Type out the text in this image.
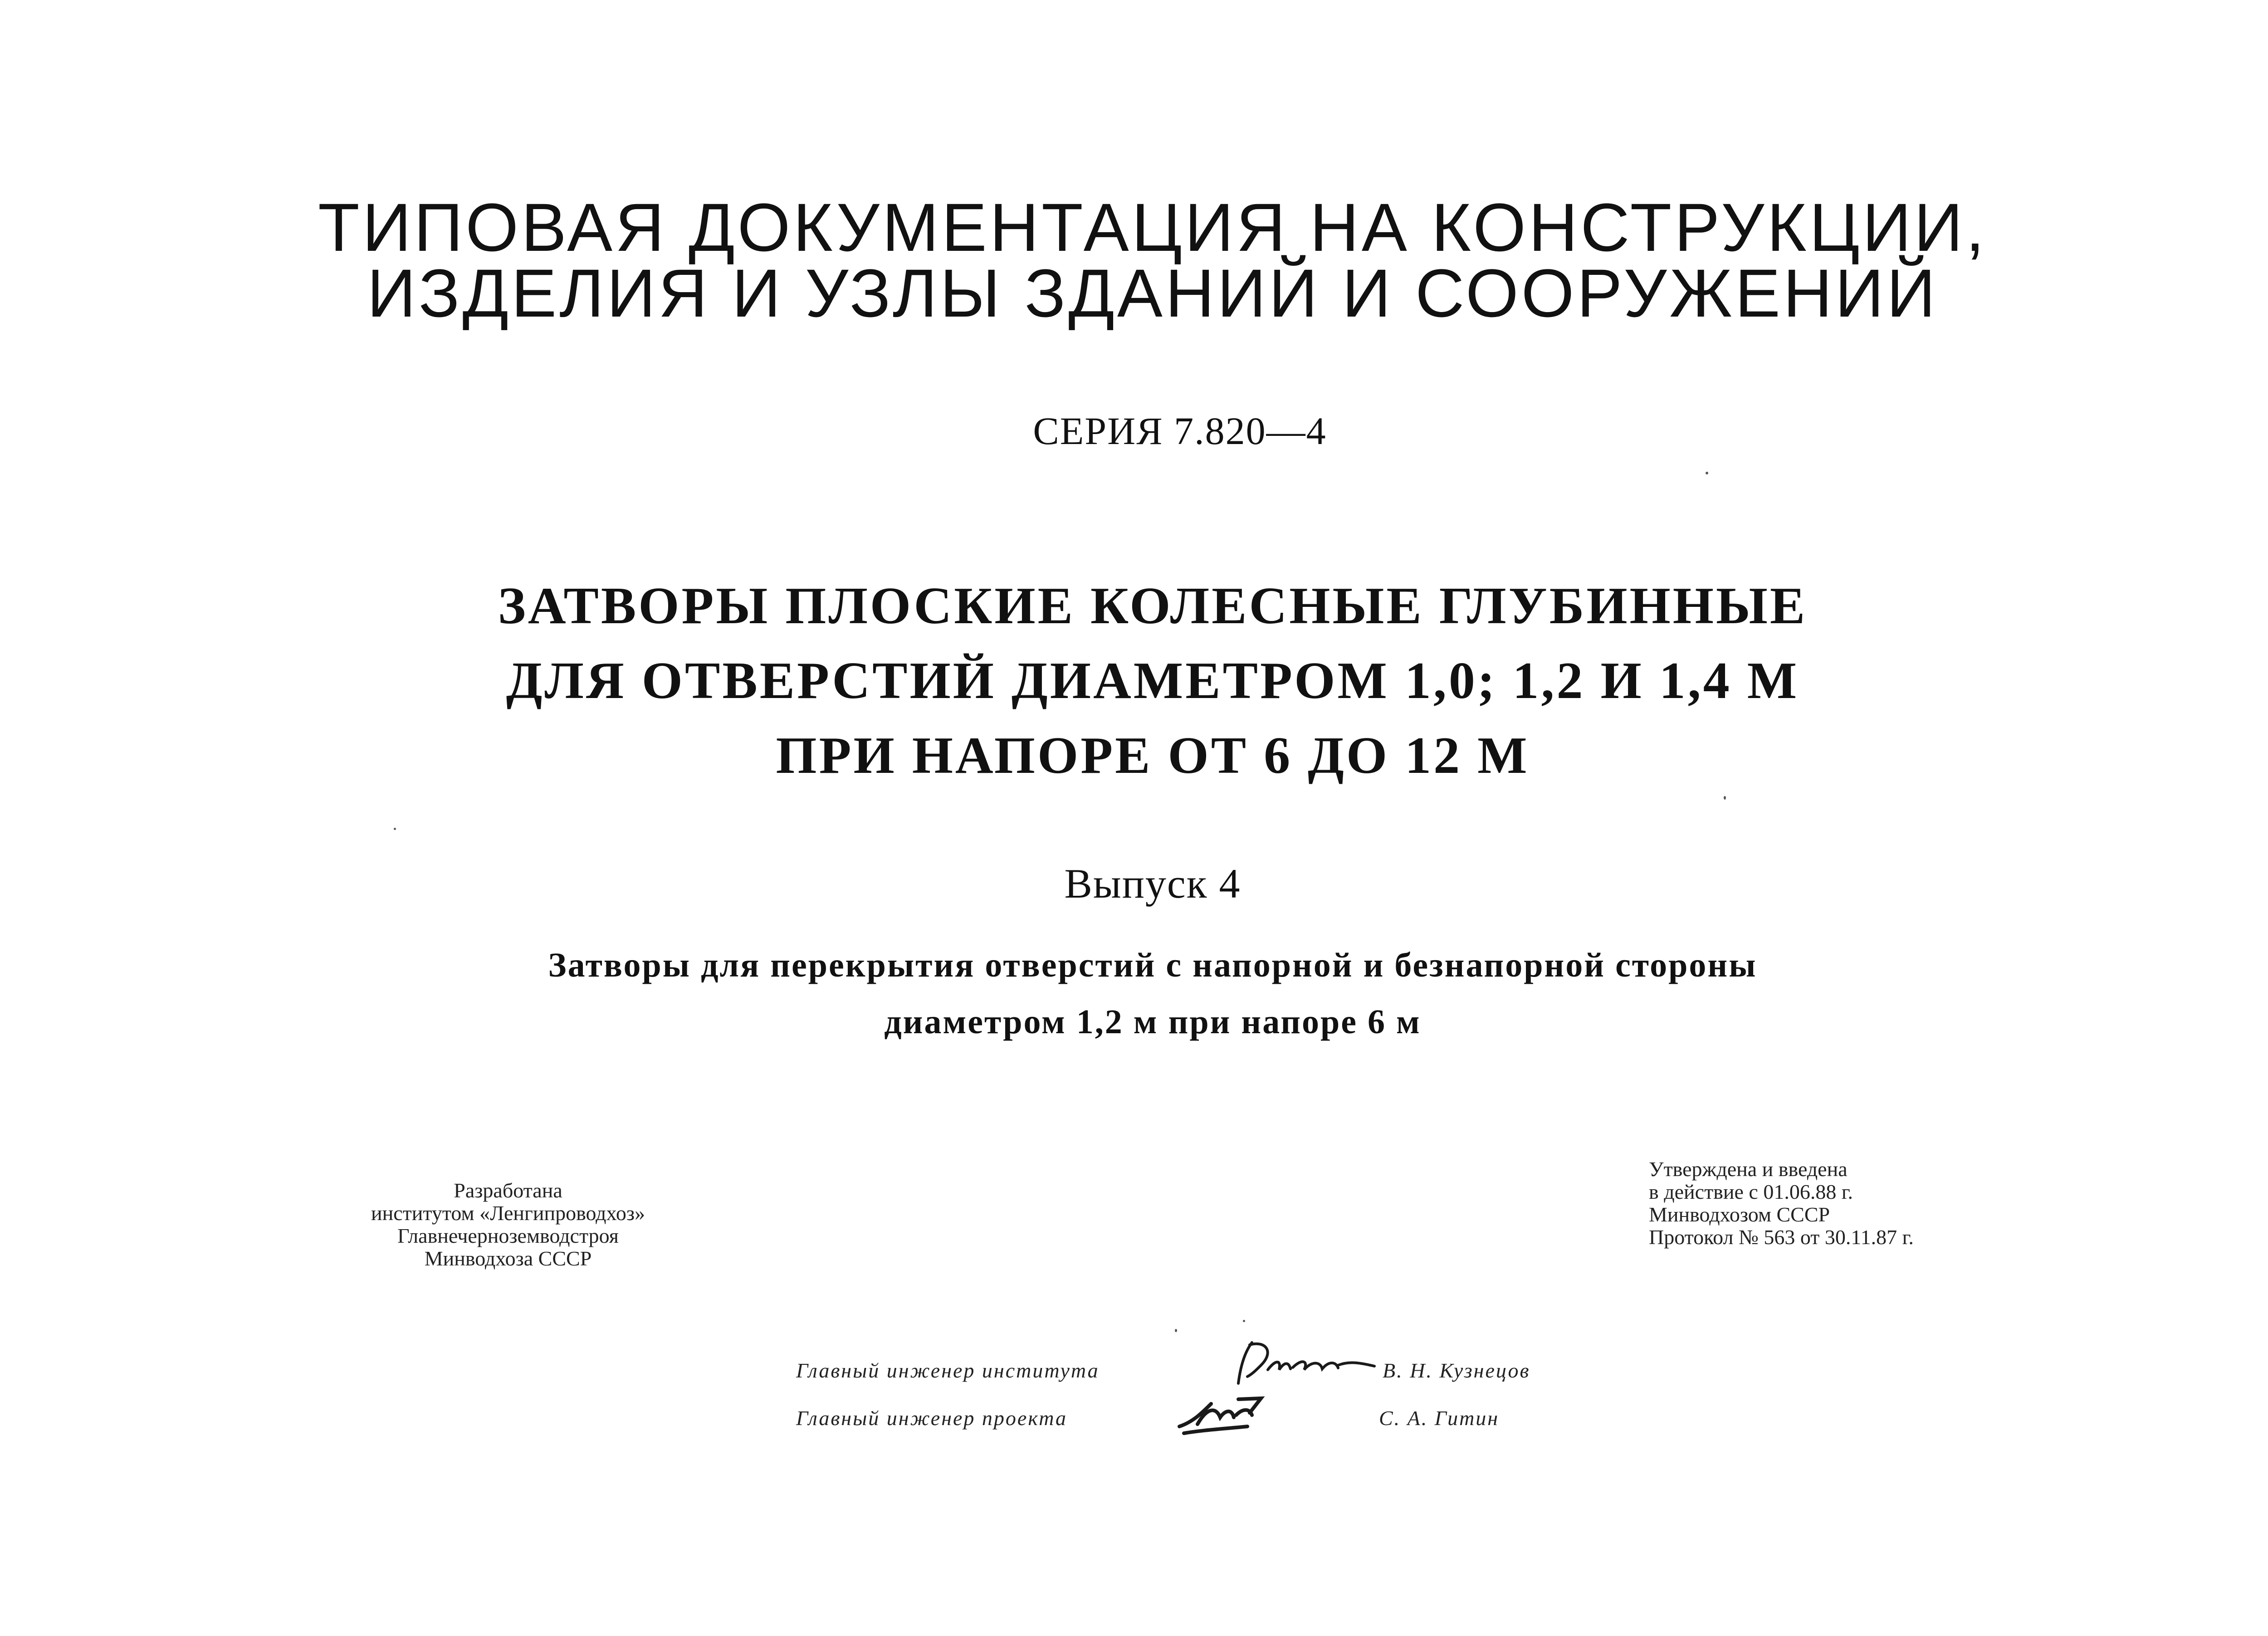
ТИПОВАЯ ДОКУМЕНТАЦИЯ НА КОНСТРУКЦИИ,
ИЗДЕЛИЯ И УЗЛЫ ЗДАНИЙ И СООРУЖЕНИЙ
СЕРИЯ 7.820—4
ЗАТВОРЫ ПЛОСКИЕ КОЛЕСНЫЕ ГЛУБИННЫЕ
ДЛЯ ОТВЕРСТИЙ ДИАМЕТРОМ 1,0; 1,2 И 1,4 М
ПРИ НАПОРЕ ОТ 6 ДО 12 М
Выпуск 4
Затворы для перекрытия отверстий с напорной и безнапорной стороны
диаметром 1,2 м при напоре 6 м
Разработана
институтом «Ленгипроводхоз»
Главнечерноземводстроя
Минводхоза СССР
Утверждена и введена
в действие с 01.06.88 г.
Минводхозом СССР
Протокол № 563 от 30.11.87 г.
Главный инженер института	В. Н. Кузнецов
Главный инженер проекта	С. А. Гитин
